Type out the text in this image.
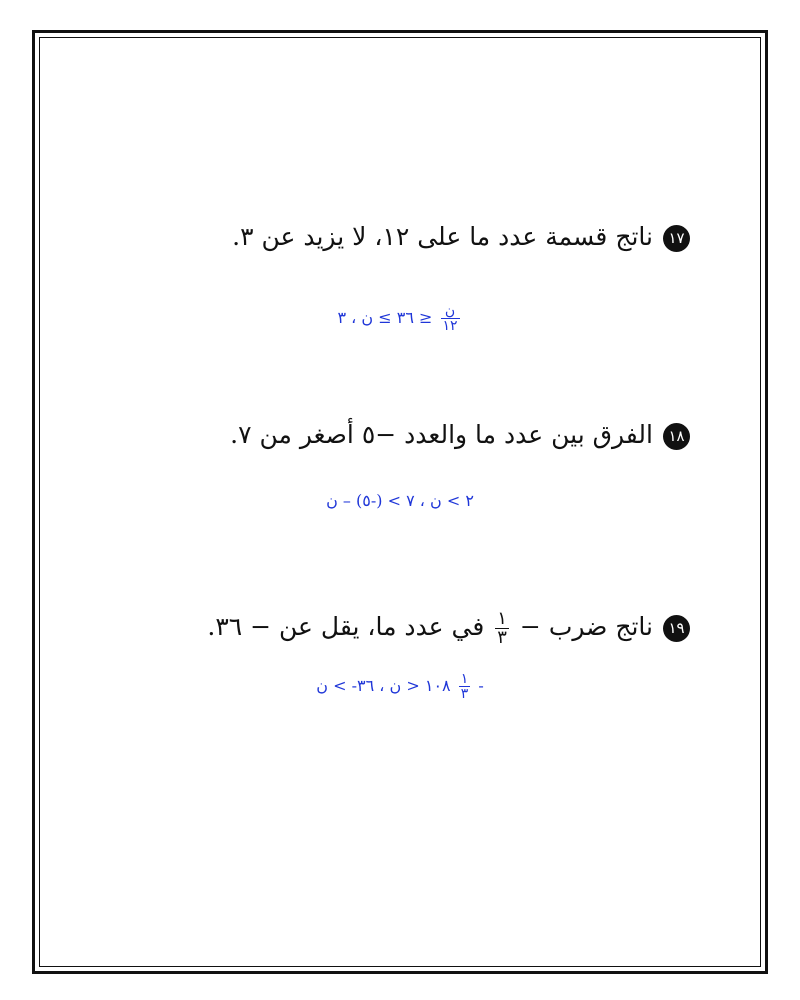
١٧ناتج قسمة عدد ما على ١٢، لا يزيد عن ٣.
٣٦ ≥ ن ، ٣ ≥ $\frac{\text{ن}}{١٢}$
١٨الفرق بين عدد ما والعدد −٥ أصغر من ٧.
٢ > ن ، ٧ > (-٥) – ن
١٩ناتج ضرب −
$\frac{١}{٣}$
في عدد ما، يقل عن − ٣٦.
١٠٨ < ن ، ٣٦- > ن $\frac{١}{٣}$ -
